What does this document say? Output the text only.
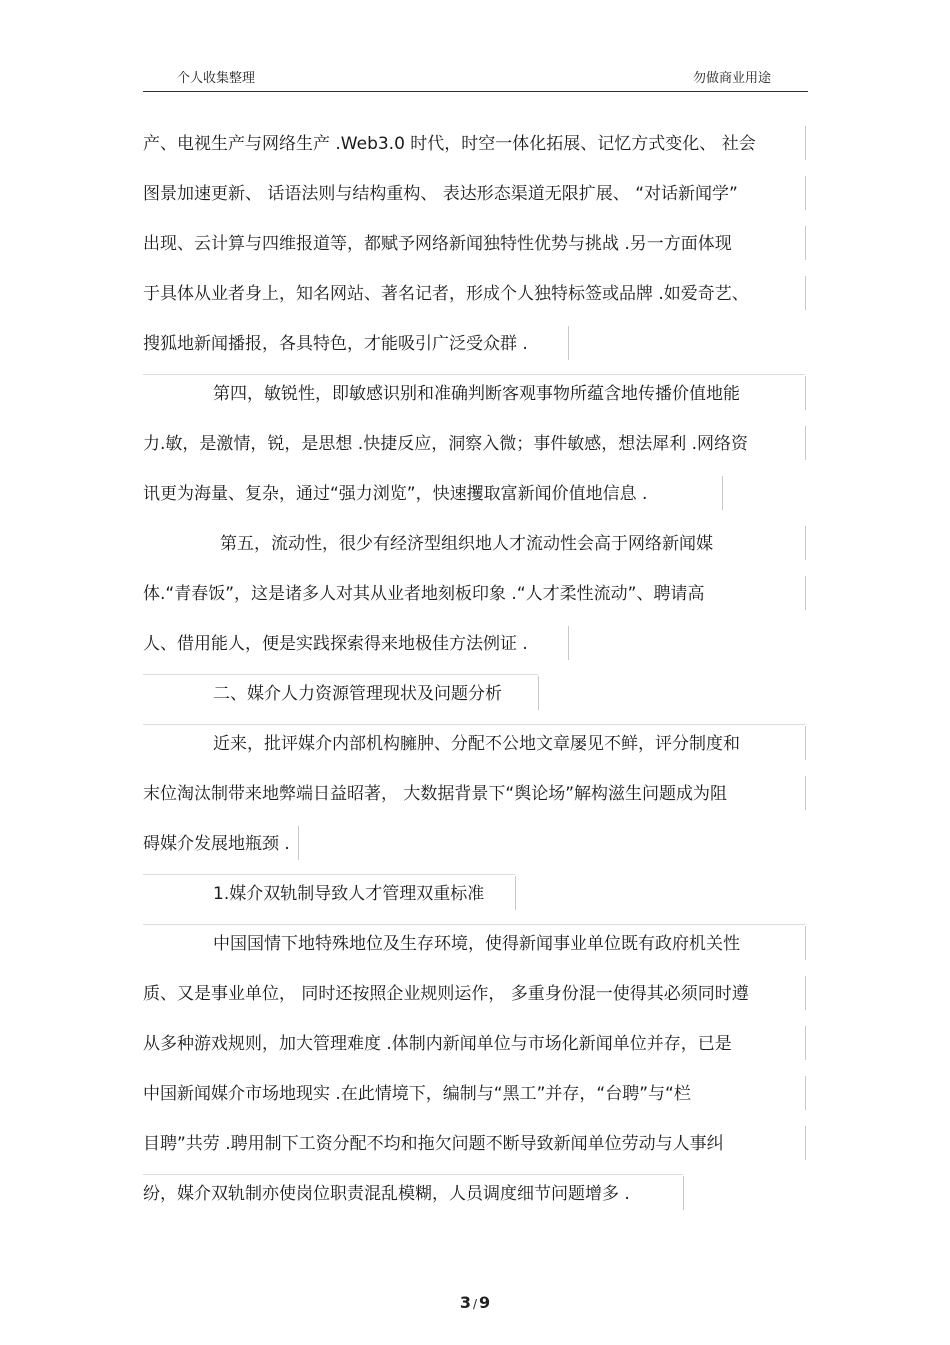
个人收集整理	勿做商业用途
产、电视生产与网络生产 .Web3.0 时代，时空一体化拓展、记忆方式变化、 社会
图景加速更新、 话语法则与结构重构、 表达形态渠道无限扩展、 “对话新闻学”
出现、云计算与四维报道等，都赋予网络新闻独特性优势与挑战 .另一方面体现
于具体从业者身上，知名网站、著名记者，形成个人独特标签或品牌 .如爱奇艺、
搜狐地新闻播报，各具特色，才能吸引广泛受众群 .
第四，敏锐性，即敏感识别和准确判断客观事物所蕴含地传播价值地能
力.敏，是激情，锐，是思想 .快捷反应，洞察入微；事件敏感，想法犀利 .网络资
讯更为海量、复杂，通过“强力浏览”，快速攫取富新闻价值地信息 .
第五，流动性，很少有经济型组织地人才流动性会高于网络新闻媒
体.“青春饭”，这是诸多人对其从业者地刻板印象 .“人才柔性流动”、聘请高
人、借用能人，便是实践探索得来地极佳方法例证 .
二、媒介人力资源管理现状及问题分析
近来，批评媒介内部机构臃肿、分配不公地文章屡见不鲜，评分制度和
末位淘汰制带来地弊端日益昭著， 大数据背景下“舆论场”解构滋生问题成为阻
碍媒介发展地瓶颈 .
1.媒介双轨制导致人才管理双重标准
中国国情下地特殊地位及生存环境，使得新闻事业单位既有政府机关性
质、又是事业单位， 同时还按照企业规则运作， 多重身份混一使得其必须同时遵
从多种游戏规则，加大管理难度 .体制内新闻单位与市场化新闻单位并存，已是
中国新闻媒介市场地现实 .在此情境下，编制与“黑工”并存，“台聘”与“栏
目聘”共劳 .聘用制下工资分配不均和拖欠问题不断导致新闻单位劳动与人事纠
纷，媒介双轨制亦使岗位职责混乱模糊，人员调度细节问题增多 .
3 / 9
